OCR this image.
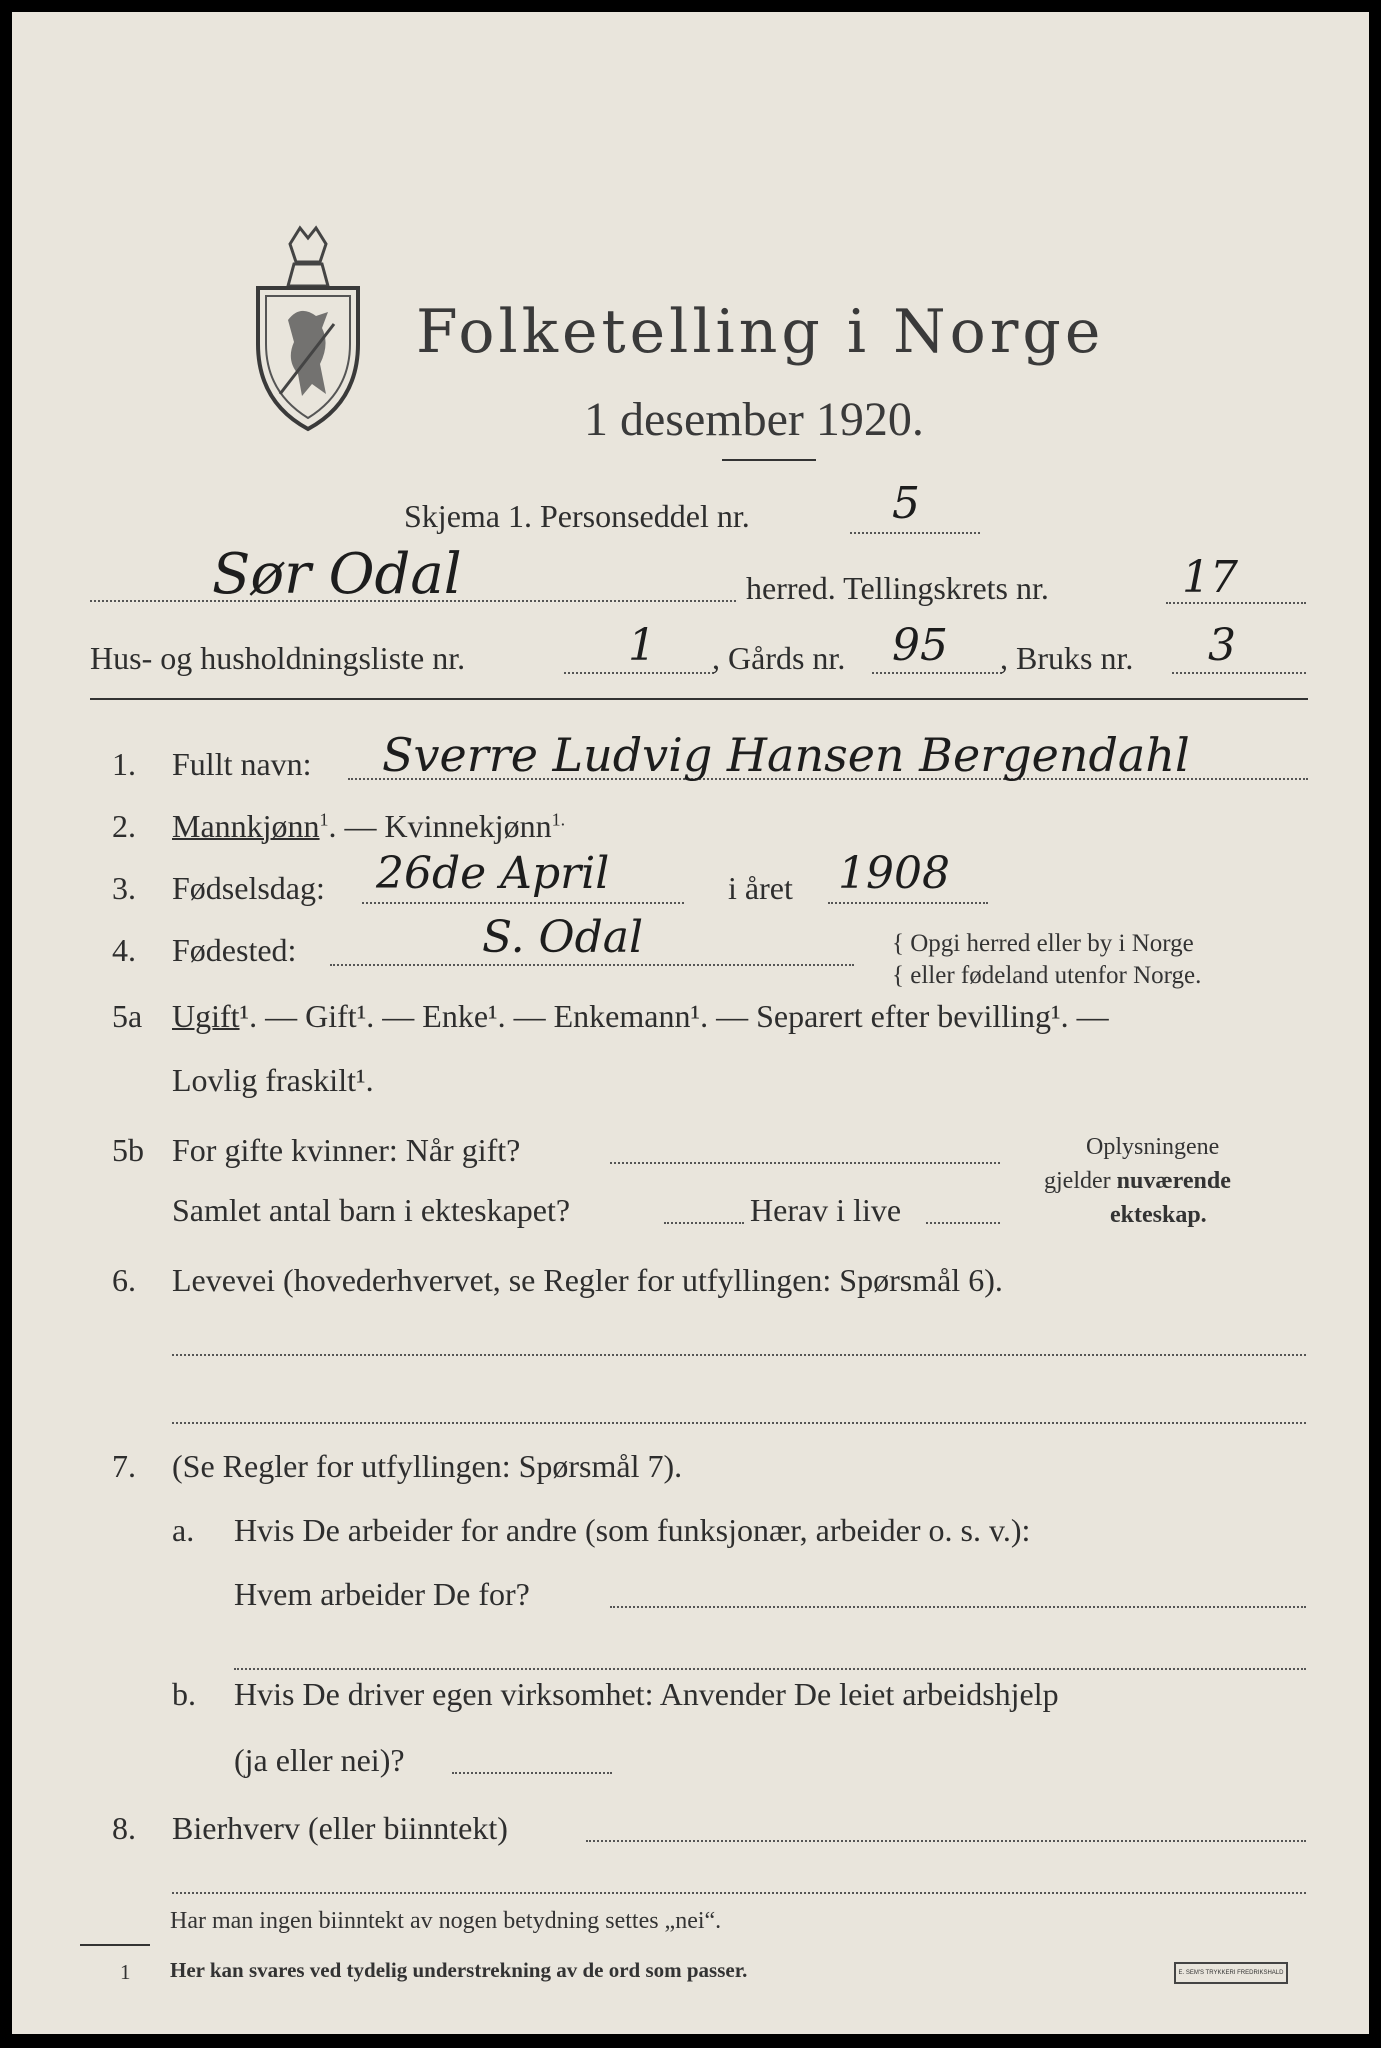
Folketelling i Norge
1 desember 1920.
Skjema 1. Personseddel nr.	5
Sør Odal	herred. Tellingskrets nr.	17
Hus- og husholdningsliste nr.	1 , Gårds nr. 95 , Bruks nr. 3
1. Fullt navn: Sverre Ludvig Hansen Bergendahl
2. Mannkjønn$^1$. — Kvinnekjønn$^{1.}$
3. Fødselsdag: 26de April	i året 1908
4. Fødested:	S. Odal	{ Opgi herred eller by i Norge
{ eller fødeland utenfor Norge.
5a Ugift¹. — Gift¹. — Enke¹. — Enkemann¹. — Separert efter bevilling¹. —
Lovlig fraskilt¹.
5b For gifte kvinner: Når gift?
Samlet antal barn i ekteskapet?	Herav i live
Oplysningene
gjelder nuværende
ekteskap.
6. Levevei (hovederhvervet, se Regler for utfyllingen: Spørsmål 6).
7. (Se Regler for utfyllingen: Spørsmål 7).
a. Hvis De arbeider for andre (som funksjonær, arbeider o. s. v.):
Hvem arbeider De for?
b. Hvis De driver egen virksomhet: Anvender De leiet arbeidshjelp
(ja eller nei)?
8. Bierhverv (eller biinntekt)
Har man ingen biinntekt av nogen betydning settes „nei“.
1 Her kan svares ved tydelig understrekning av de ord som passer.	E. SEM'S TRYKKERI FREDRIKSHALD
